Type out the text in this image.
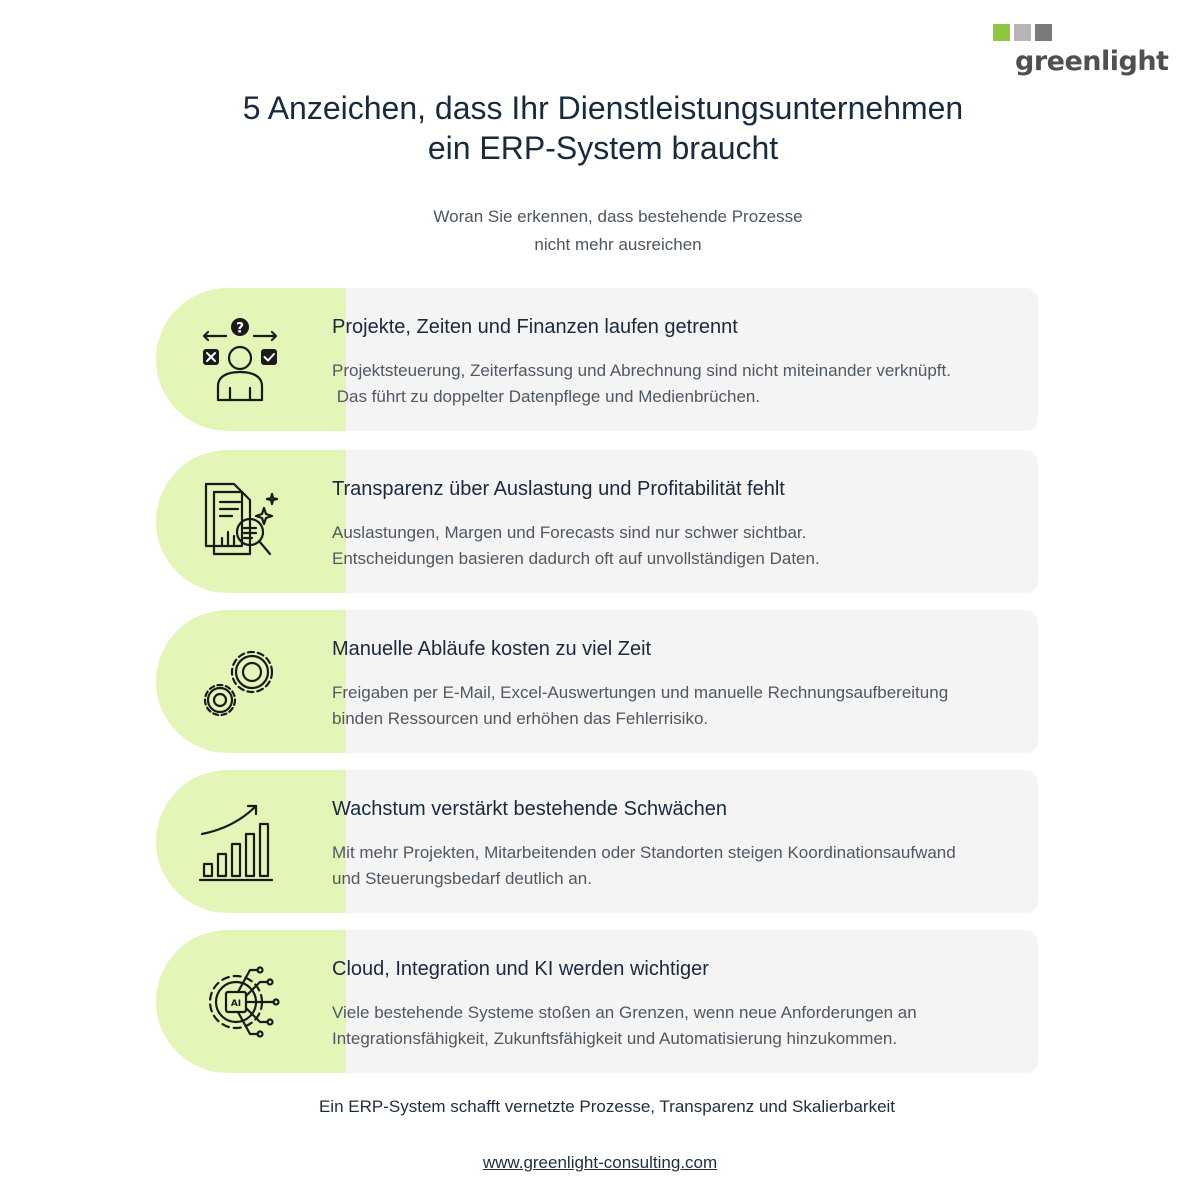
greenlight
5 Anzeichen, dass Ihr Dienstleistungsunternehmen
ein ERP-System braucht
Woran Sie erkennen, dass bestehende Prozesse
nicht mehr ausreichen
?	Projekte, Zeiten und Finanzen laufen getrennt
Projektsteuerung, Zeiterfassung und Abrechnung sind nicht miteinander verknüpft.
Das führt zu doppelter Datenpflege und Medienbrüchen.
Transparenz über Auslastung und Profitabilität fehlt
Auslastungen, Margen und Forecasts sind nur schwer sichtbar.
Entscheidungen basieren dadurch oft auf unvollständigen Daten.
Manuelle Abläufe kosten zu viel Zeit
Freigaben per E-Mail, Excel-Auswertungen und manuelle Rechnungsaufbereitung
binden Ressourcen und erhöhen das Fehlerrisiko.
Wachstum verstärkt bestehende Schwächen
Mit mehr Projekten, Mitarbeitenden oder Standorten steigen Koordinationsaufwand
und Steuerungsbedarf deutlich an.
AI
Cloud, Integration und KI werden wichtiger
Viele bestehende Systeme stoßen an Grenzen, wenn neue Anforderungen an
Integrationsfähigkeit, Zukunftsfähigkeit und Automatisierung hinzukommen.
Ein ERP-System schafft vernetzte Prozesse, Transparenz und Skalierbarkeit
www.greenlight-consulting.com
